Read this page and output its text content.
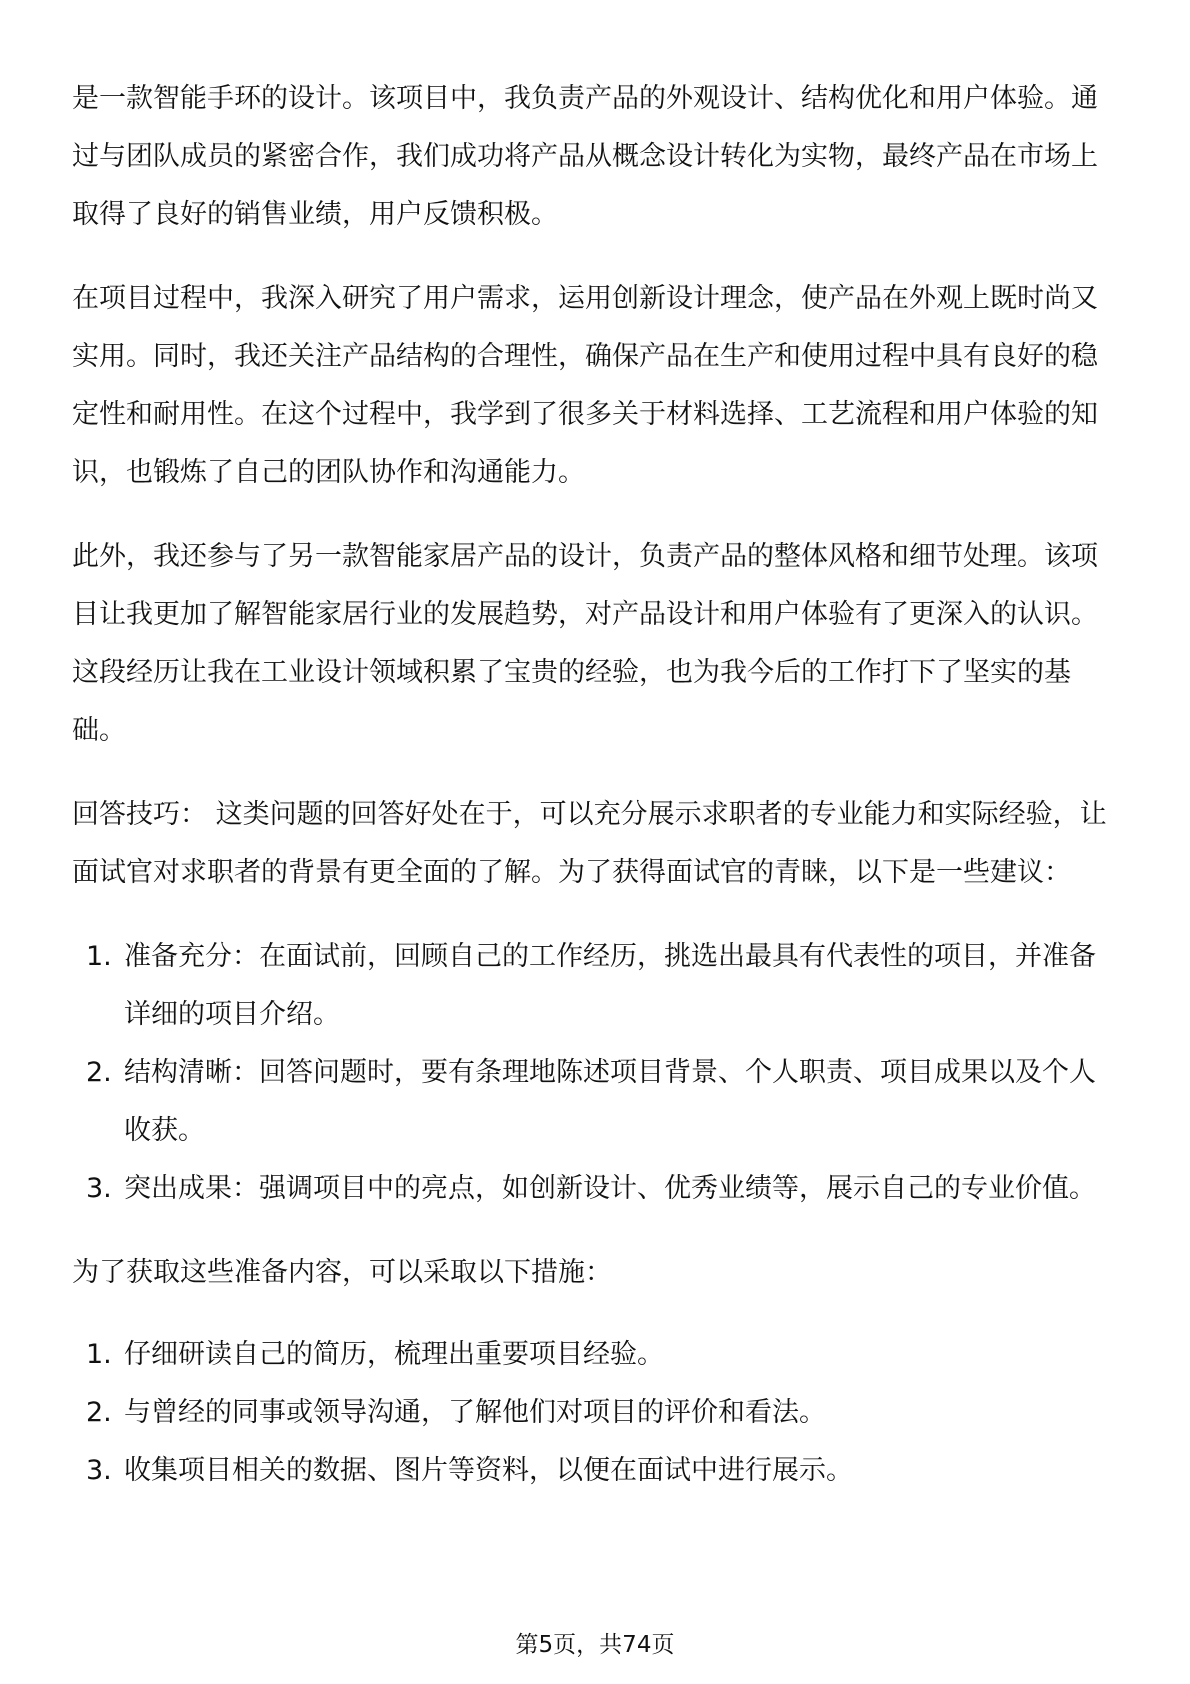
是一款智能手环的设计。该项目中，我负责产品的外观设计、结构优化和用户体验。通过与团队成员的紧密合作，我们成功将产品从概念设计转化为实物，最终产品在市场上取得了良好的销售业绩，用户反馈积极。

在项目过程中，我深入研究了用户需求，运用创新设计理念，使产品在外观上既时尚又实用。同时，我还关注产品结构的合理性，确保产品在生产和使用过程中具有良好的稳定性和耐用性。在这个过程中，我学到了很多关于材料选择、工艺流程和用户体验的知识，也锻炼了自己的团队协作和沟通能力。

此外，我还参与了另一款智能家居产品的设计，负责产品的整体风格和细节处理。该项目让我更加了解智能家居行业的发展趋势，对产品设计和用户体验有了更深入的认识。这段经历让我在工业设计领域积累了宝贵的经验，也为我今后的工作打下了坚实的基础。

回答技巧： 这类问题的回答好处在于，可以充分展示求职者的专业能力和实际经验，让面试官对求职者的背景有更全面的了解。为了获得面试官的青睐，以下是一些建议：

1. 准备充分：在面试前，回顾自己的工作经历，挑选出最具有代表性的项目，并准备详细的项目介绍。
2. 结构清晰：回答问题时，要有条理地陈述项目背景、个人职责、项目成果以及个人收获。
3. 突出成果：强调项目中的亮点，如创新设计、优秀业绩等，展示自己的专业价值。

为了获取这些准备内容，可以采取以下措施：

1. 仔细研读自己的简历，梳理出重要项目经验。
2. 与曾经的同事或领导沟通，了解他们对项目的评价和看法。
3. 收集项目相关的数据、图片等资料，以便在面试中进行展示。
第5页，共74页
